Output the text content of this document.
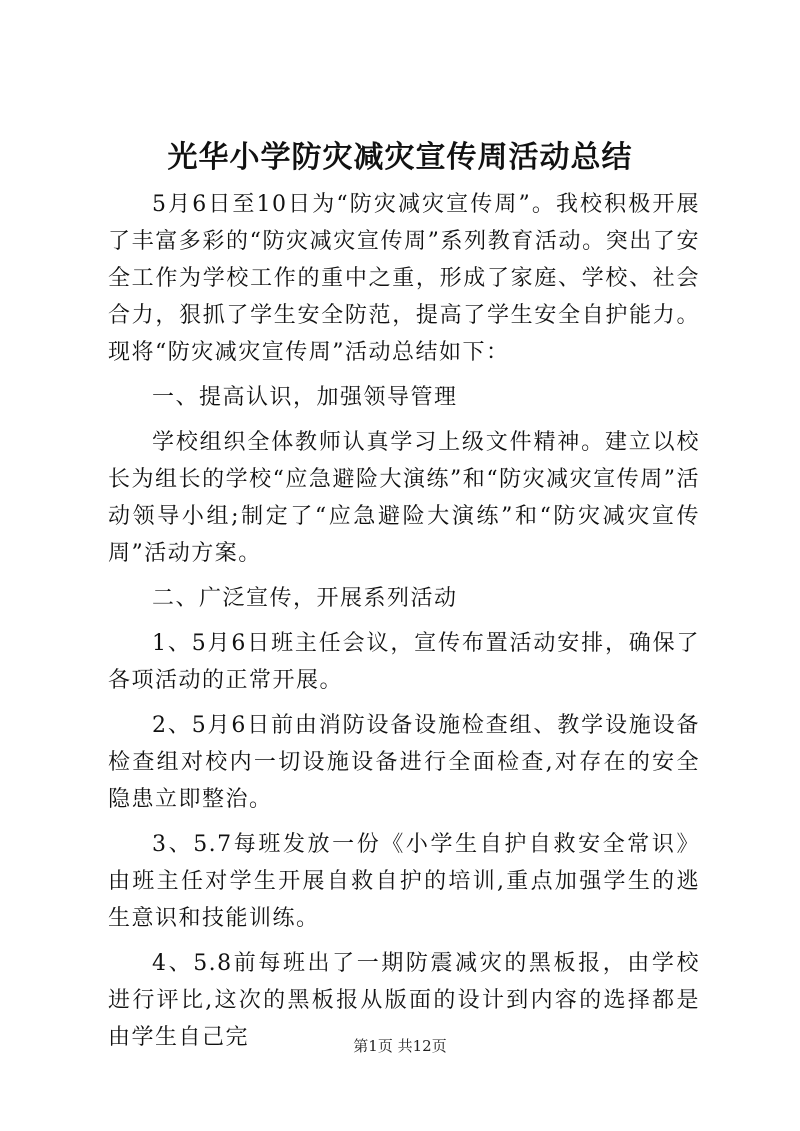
光华小学防灾减灾宣传周活动总结

5月6日至10日为“防灾减灾宣传周”。我校积极开展了丰富多彩的“防灾减灾宣传周”系列教育活动。突出了安全工作为学校工作的重中之重，形成了家庭、学校、社会合力，狠抓了学生安全防范，提高了学生安全自护能力。现将“防灾减灾宣传周”活动总结如下：

一、提高认识，加强领导管理

学校组织全体教师认真学习上级文件精神。建立以校长为组长的学校“应急避险大演练”和“防灾减灾宣传周”活动领导小组;制定了“应急避险大演练”和“防灾减灾宣传周”活动方案。

二、广泛宣传，开展系列活动

1、5月6日班主任会议，宣传布置活动安排，确保了各项活动的正常开展。

2、5月6日前由消防设备设施检查组、教学设施设备检查组对校内一切设施设备进行全面检查,对存在的安全隐患立即整治。

3、5.7每班发放一份《小学生自护自救安全常识》由班主任对学生开展自救自护的培训,重点加强学生的逃生意识和技能训练。

4、5.8前每班出了一期防震减灾的黑板报，由学校进行评比,这次的黑板报从版面的设计到内容的选择都是由学生自己完	第1页 共12页
